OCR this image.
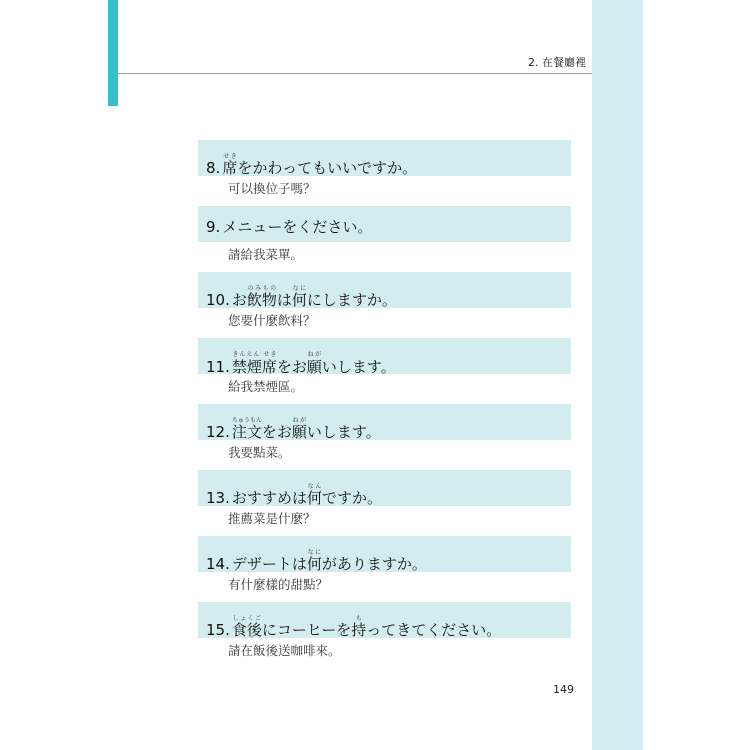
2. 在餐廳裡
8. 席せきをかわってもいいですか。
可以換位子嗎？
9. メニューをください。
請給我菜單。
10. お飲物のみものは何なににしますか。
您要什麼飲料？
11. 禁煙席きんえん せきをお願ねがいします。
給我禁煙區。
12. 注文ちゅうもんをお願ねがいします。
我要點菜。
13. おすすめは何なんですか。
推薦菜是什麼？
14. デザートは何なにがありますか。
有什麼樣的甜點？
15. 食後しょくごにコーヒーを持もってきてください。
請在飯後送咖啡來。
149
